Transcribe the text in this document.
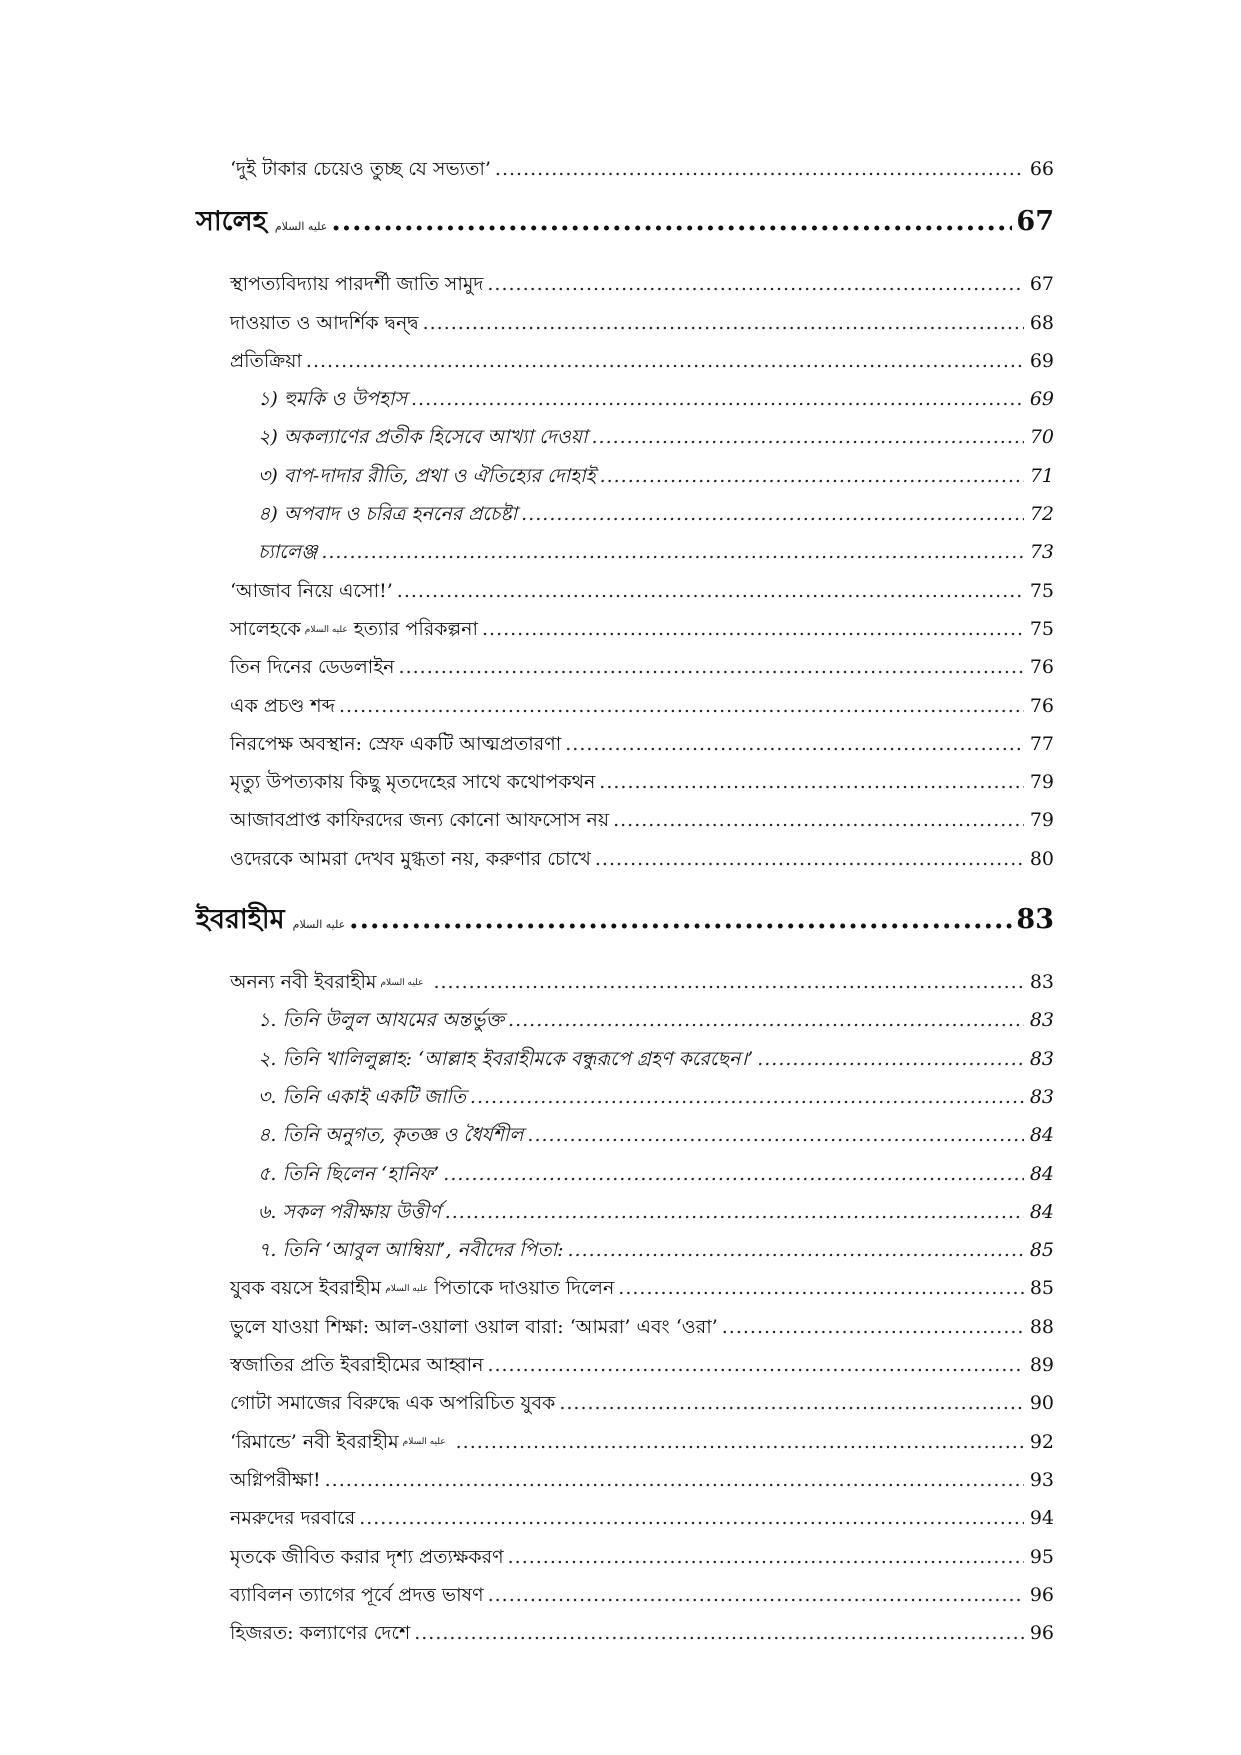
‘দুই টাকার চেয়েও তুচ্ছ যে সভ্যতা’ .....	66
সালেহ عليه السلام .....	67
স্থাপত্যবিদ্যায় পারদর্শী জাতি সামুদ .....	67
দাওয়াত ও আদর্শিক দ্বন্দ্ব .....	68
প্রতিক্রিয়া .....	69
১) হুমকি ও উপহাস .....	69
২) অকল্যাণের প্রতীক হিসেবে আখ্যা দেওয়া .....	70
৩) বাপ-দাদার রীতি, প্রথা ও ঐতিহ্যের দোহাই .....	71
৪) অপবাদ ও চরিত্র হননের প্রচেষ্টা .....	72
চ্যালেঞ্জ .....	73
‘আজাব নিয়ে এসো!’ .....	75
সালেহকে عليه السلام হত্যার পরিকল্পনা .....	75
তিন দিনের ডেডলাইন .....	76
এক প্রচণ্ড শব্দ .....	76
নিরপেক্ষ অবস্থান: স্রেফ একটি আত্মপ্রতারণা .....	77
মৃত্যু উপত্যকায় কিছু মৃতদেহের সাথে কথোপকথন .....	79
আজাবপ্রাপ্ত কাফিরদের জন্য কোনো আফসোস নয় .....	79
ওদেরকে আমরা দেখব মুগ্ধতা নয়, করুণার চোখে .....	80
ইবরাহীম عليه السلام .....	83
অনন্য নবী ইবরাহীম عليه السلام .....	83
১. তিনি উলুল আযমের অন্তর্ভুক্ত .....	83
২. তিনি খালিলুল্লাহ: ‘আল্লাহ ইবরাহীমকে বন্ধুরূপে গ্রহণ করেছেন।’ .....	83
৩. তিনি একাই একটি জাতি .....	83
৪. তিনি অনুগত, কৃতজ্ঞ ও ধৈর্যশীল .....	84
৫. তিনি ছিলেন ‘হানিফ’ .....	84
৬. সকল পরীক্ষায় উত্তীর্ণ .....	84
৭. তিনি ‘আবুল আম্বিয়া’, নবীদের পিতা: .....	85
যুবক বয়সে ইবরাহীম عليه السلام পিতাকে দাওয়াত দিলেন .....	85
ভুলে যাওয়া শিক্ষা: আল-ওয়ালা ওয়াল বারা: ‘আমরা’ এবং ‘ওরা’ .....	88
স্বজাতির প্রতি ইবরাহীমের আহ্বান .....	89
গোটা সমাজের বিরুদ্ধে এক অপরিচিত যুবক .....	90
‘রিমান্ডে’ নবী ইবরাহীম عليه السلام .....	92
অগ্নিপরীক্ষা! .....	93
নমরুদের দরবারে .....	94
মৃতকে জীবিত করার দৃশ্য প্রত্যক্ষকরণ .....	95
ব্যাবিলন ত্যাগের পূর্বে প্রদত্ত ভাষণ .....	96
হিজরত: কল্যাণের দেশে .....	96
